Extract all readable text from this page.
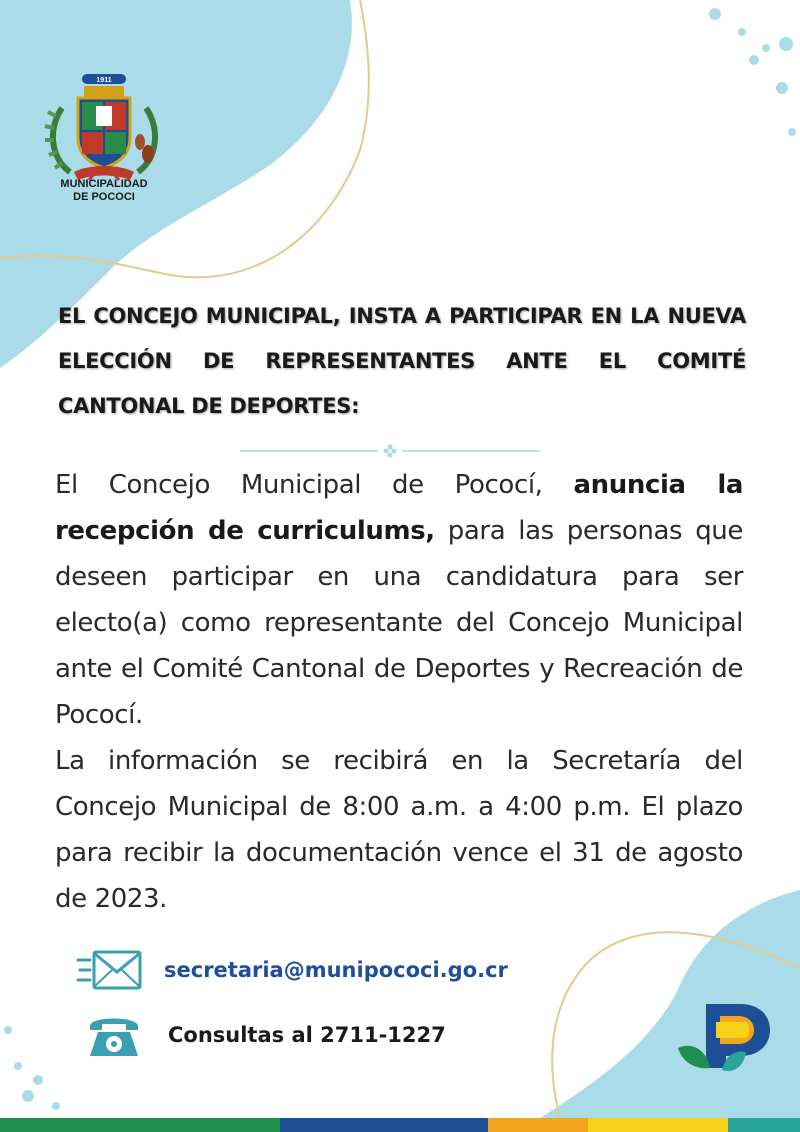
1911
MUNICIPALIDAD
DE POCOCI
EL CONCEJO MUNICIPAL, INSTA A PARTICIPAR EN LA NUEVA ELECCIÓN DE REPRESENTANTES ANTE EL COMITÉ CANTONAL DE DEPORTES:

El Concejo Municipal de Pococí, anuncia la recepción de curriculums, para las personas que deseen participar en una candidatura para ser electo(a) como representante del Concejo Municipal ante el Comité Cantonal de Deportes y Recreación de Pococí.

La información se recibirá en la Secretaría del Concejo Municipal de 8:00 a.m. a 4:00 p.m. El plazo para recibir la documentación vence el 31 de agosto de 2023.

secretaria@munipococi.go.cr
Consultas al 2711-1227
